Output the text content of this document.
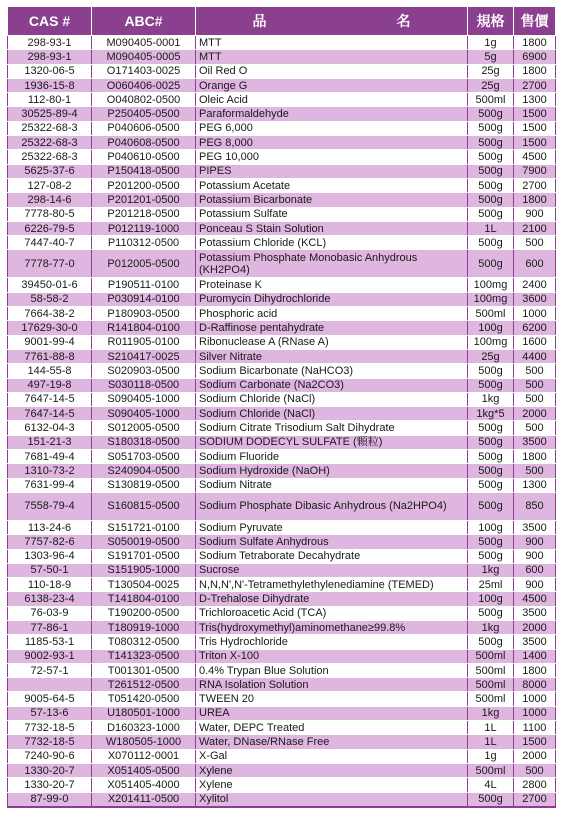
CAS #	ABC#	品 名	規格	售價
298-93-1	M090405-0001	MTT	1g	1800
298-93-1	M090405-0005	MTT	5g	6900
1320-06-5	O171403-0025	Oil Red O	25g	1800
1936-15-8	O060406-0025	Orange G	25g	2700
112-80-1	O040802-0500	Oleic Acid	500ml	1300
30525-89-4	P250405-0500	Paraformaldehyde	500g	1500
25322-68-3	P040606-0500	PEG 6,000	500g	1500
25322-68-3	P040608-0500	PEG 8,000	500g	1500
25322-68-3	P040610-0500	PEG 10,000	500g	4500
5625-37-6	P150418-0500	PIPES	500g	7900
127-08-2	P201200-0500	Potassium Acetate	500g	2700
298-14-6	P201201-0500	Potassium Bicarbonate	500g	1800
7778-80-5	P201218-0500	Potassium Sulfate	500g	900
6226-79-5	P012119-1000	Ponceau S Stain Solution	1L	2100
7447-40-7	P110312-0500	Potassium Chloride (KCL)	500g	500
7778-77-0	P012005-0500	Potassium Phosphate Monobasic Anhydrous (KH2PO4)	500g	600
39450-01-6	P190511-0100	Proteinase K	100mg	2400
58-58-2	P030914-0100	Puromycin Dihydrochloride	100mg	3600
7664-38-2	P180903-0500	Phosphoric acid	500ml	1000
17629-30-0	R141804-0100	D-Raffinose pentahydrate	100g	6200
9001-99-4	R011905-0100	Ribonuclease A (RNase A)	100mg	1600
7761-88-8	S210417-0025	Silver Nitrate	25g	4400
144-55-8	S020903-0500	Sodium Bicarbonate (NaHCO3)	500g	500
497-19-8	S030118-0500	Sodium Carbonate (Na2CO3)	500g	500
7647-14-5	S090405-1000	Sodium Chloride (NaCl)	1kg	500
7647-14-5	S090405-1000	Sodium Chloride (NaCl)	1kg*5	2000
6132-04-3	S012005-0500	Sodium Citrate Trisodium Salt Dihydrate	500g	500
151-21-3	S180318-0500	SODIUM DODECYL SULFATE (顆粒)	500g	3500
7681-49-4	S051703-0500	Sodium Fluoride	500g	1800
1310-73-2	S240904-0500	Sodium Hydroxide (NaOH)	500g	500
7631-99-4	S130819-0500	Sodium Nitrate	500g	1300
7558-79-4	S160815-0500	Sodium Phosphate Dibasic Anhydrous (Na2HPO4)	500g	850
113-24-6	S151721-0100	Sodium Pyruvate	100g	3500
7757-82-6	S050019-0500	Sodium Sulfate Anhydrous	500g	900
1303-96-4	S191701-0500	Sodium Tetraborate Decahydrate	500g	900
57-50-1	S151905-1000	Sucrose	1kg	600
110-18-9	T130504-0025	N,N,N',N'-Tetramethylethylenediamine (TEMED)	25ml	900
6138-23-4	T141804-0100	D-Trehalose Dihydrate	100g	4500
76-03-9	T190200-0500	Trichloroacetic Acid (TCA)	500g	3500
77-86-1	T180919-1000	Tris(hydroxymethyl)aminomethane≥99.8%	1kg	2000
1185-53-1	T080312-0500	Tris Hydrochloride	500g	3500
9002-93-1	T141323-0500	Triton X-100	500ml	1400
72-57-1	T001301-0500	0.4% Trypan Blue Solution	500ml	1800
	T261512-0500	RNA Isolation Solution	500ml	8000
9005-64-5	T051420-0500	TWEEN 20	500ml	1000
57-13-6	U180501-1000	UREA	1kg	1000
7732-18-5	D160323-1000	Water, DEPC Treated	1L	1100
7732-18-5	W180505-1000	Water, DNase/RNase Free	1L	1500
7240-90-6	X070112-0001	X-Gal	1g	2000
1330-20-7	X051405-0500	Xylene	500ml	500
1330-20-7	X051405-4000	Xylene	4L	2800
87-99-0	X201411-0500	Xylitol	500g	2700
